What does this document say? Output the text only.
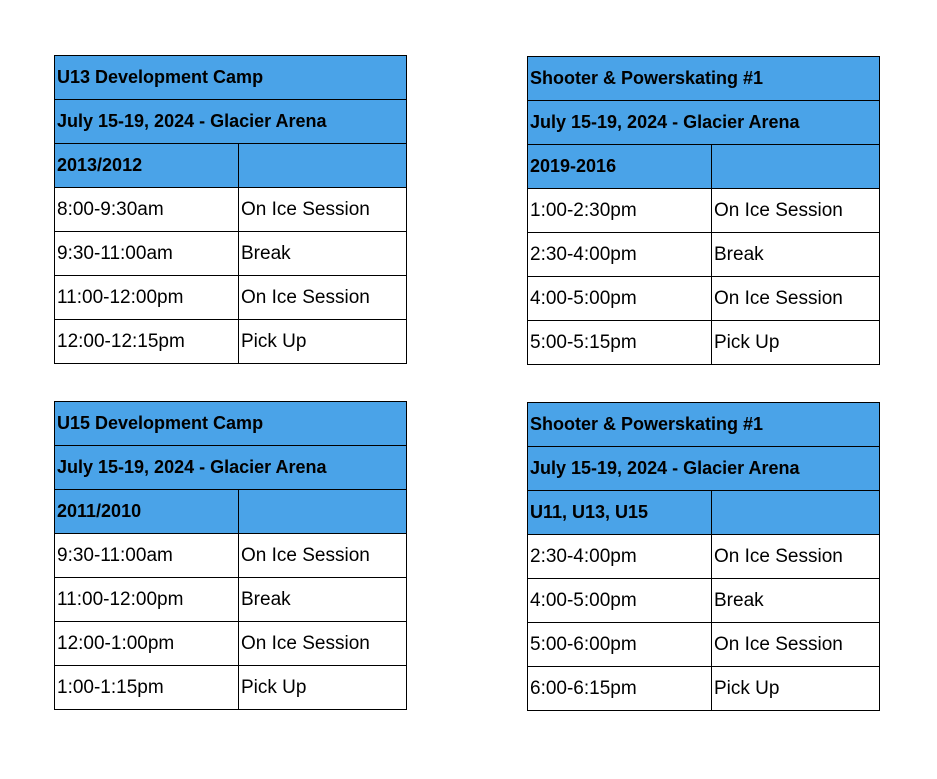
U13 Development Camp	
July 15-19, 2024 - Glacier Arena	
2013/2012	
8:00-9:30am	On Ice Session
9:30-11:00am	Break
11:00-12:00pm	On Ice Session
12:00-12:15pm	Pick Up
Shooter & Powerskating #1	
July 15-19, 2024 - Glacier Arena	
2019-2016	
1:00-2:30pm	On Ice Session
2:30-4:00pm	Break
4:00-5:00pm	On Ice Session
5:00-5:15pm	Pick Up
U15 Development Camp	
July 15-19, 2024 - Glacier Arena	
2011/2010	
9:30-11:00am	On Ice Session
11:00-12:00pm	Break
12:00-1:00pm	On Ice Session
1:00-1:15pm	Pick Up
Shooter & Powerskating #1	
July 15-19, 2024 - Glacier Arena	
U11, U13, U15	
2:30-4:00pm	On Ice Session
4:00-5:00pm	Break
5:00-6:00pm	On Ice Session
6:00-6:15pm	Pick Up
